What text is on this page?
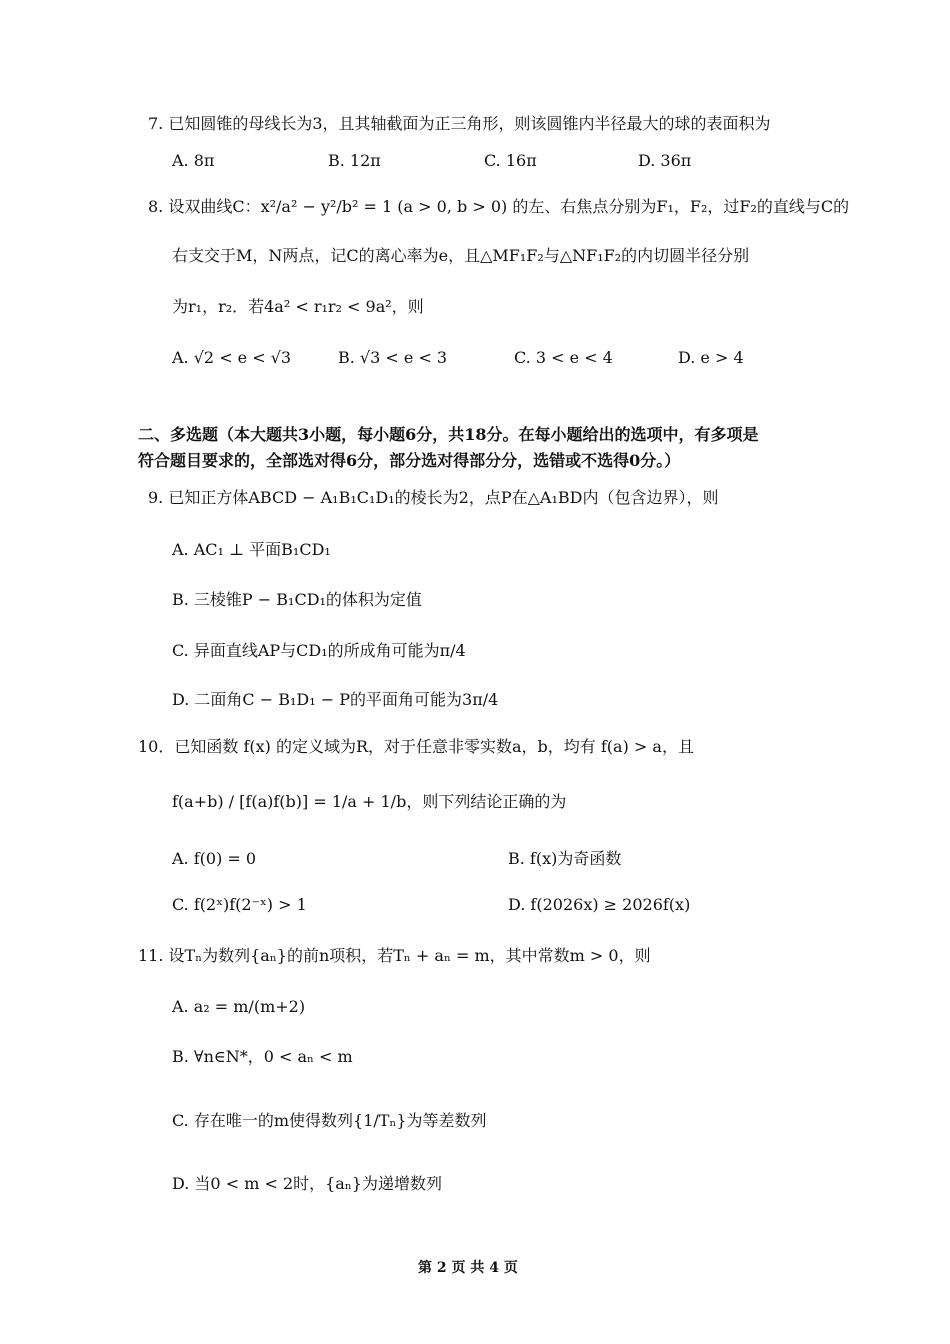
7. 已知圆锥的母线长为3，且其轴截面为正三角形，则该圆锥内半径最大的球的表面积为
A. 8π	B. 12π	C. 16π	D. 36π
8. 设双曲线C：x²/a² − y²/b² = 1 (a > 0, b > 0) 的左、右焦点分别为F₁，F₂，过F₂的直线与C的
右支交于M，N两点，记C的离心率为e，且△MF₁F₂与△NF₁F₂的内切圆半径分别
为r₁，r₂．若4a² < r₁r₂ < 9a²，则
A. √2 < e < √3	B. √3 < e < 3	C. 3 < e < 4	D. e > 4
二、多选题（本大题共3小题，每小题6分，共18分。在每小题给出的选项中，有多项是
符合题目要求的，全部选对得6分，部分选对得部分分，选错或不选得0分。）
9. 已知正方体ABCD − A₁B₁C₁D₁的棱长为2，点P在△A₁BD内（包含边界），则
A. AC₁ ⊥ 平面B₁CD₁
B. 三棱锥P − B₁CD₁的体积为定值
C. 异面直线AP与CD₁的所成角可能为π/4
D. 二面角C − B₁D₁ − P的平面角可能为3π/4
10．已知函数 f(x) 的定义域为R，对于任意非零实数a，b，均有 f(a) > a，且
f(a+b) / [f(a)f(b)] = 1/a + 1/b，则下列结论正确的为
A. f(0) = 0	B. f(x)为奇函数
C. f(2ˣ)f(2⁻ˣ) > 1	D. f(2026x) ≥ 2026f(x)
11. 设Tₙ为数列{aₙ}的前n项积，若Tₙ + aₙ = m，其中常数m > 0，则
A. a₂ = m/(m+2)
B. ∀n∈N*，0 < aₙ < m
C. 存在唯一的m使得数列{1/Tₙ}为等差数列
D. 当0 < m < 2时，{aₙ}为递增数列
第 2 页 共 4 页
